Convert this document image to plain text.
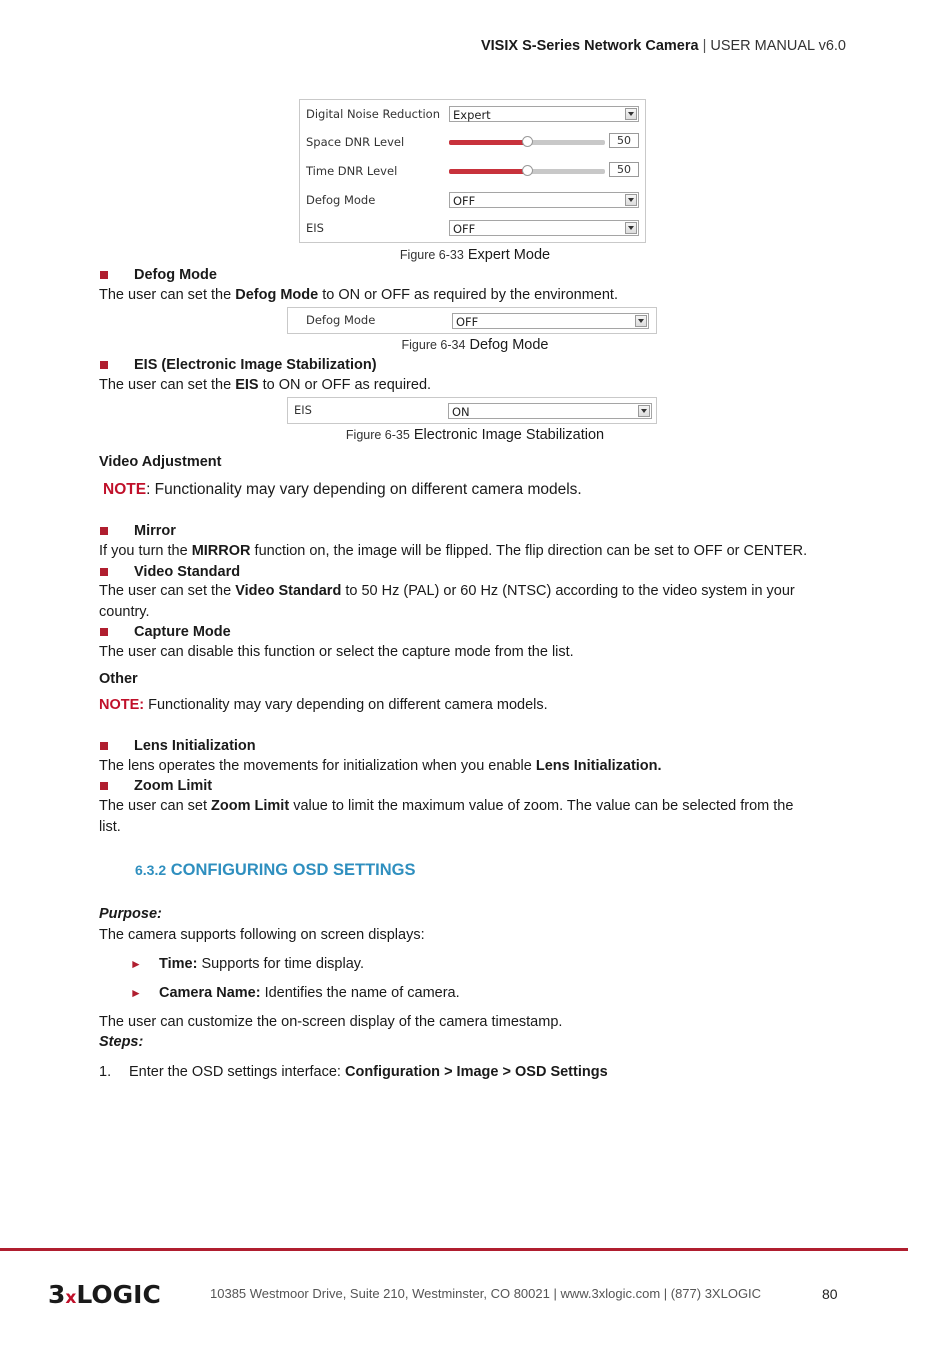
VISIX S-Series Network Camera | USER MANUAL v6.0
Digital Noise Reduction	Expert
Space DNR Level	50
Time DNR Level	50
Defog Mode	OFF
EIS	OFF
Figure 6-33 Expert Mode
Defog Mode
The user can set the Defog Mode to ON or OFF as required by the environment.
Defog Mode	OFF
Figure 6-34 Defog Mode
EIS (Electronic Image Stabilization)
The user can set the EIS to ON or OFF as required.
EIS	ON
Figure 6-35 Electronic Image Stabilization
Video Adjustment
NOTE: Functionality may vary depending on different camera models.
Mirror
If you turn the MIRROR function on, the image will be flipped. The flip direction can be set to OFF or CENTER.
Video Standard
The user can set the Video Standard to 50 Hz (PAL) or 60 Hz (NTSC) according to the video system in your
country.
Capture Mode
The user can disable this function or select the capture mode from the list.
Other
NOTE: Functionality may vary depending on different camera models.
Lens Initialization
The lens operates the movements for initialization when you enable Lens Initialization.
Zoom Limit
The user can set Zoom Limit value to limit the maximum value of zoom. The value can be selected from the
list.
6.3.2 CONFIGURING OSD SETTINGS
Purpose:
The camera supports following on screen displays:
► Time: Supports for time display.
► Camera Name: Identifies the name of camera.
The user can customize the on-screen display of the camera timestamp.
Steps:
1. Enter the OSD settings interface: Configuration > Image > OSD Settings
3xLOGIC	10385 Westmoor Drive, Suite 210, Westminster, CO 80021 | www.3xlogic.com | (877) 3XLOGIC	80
